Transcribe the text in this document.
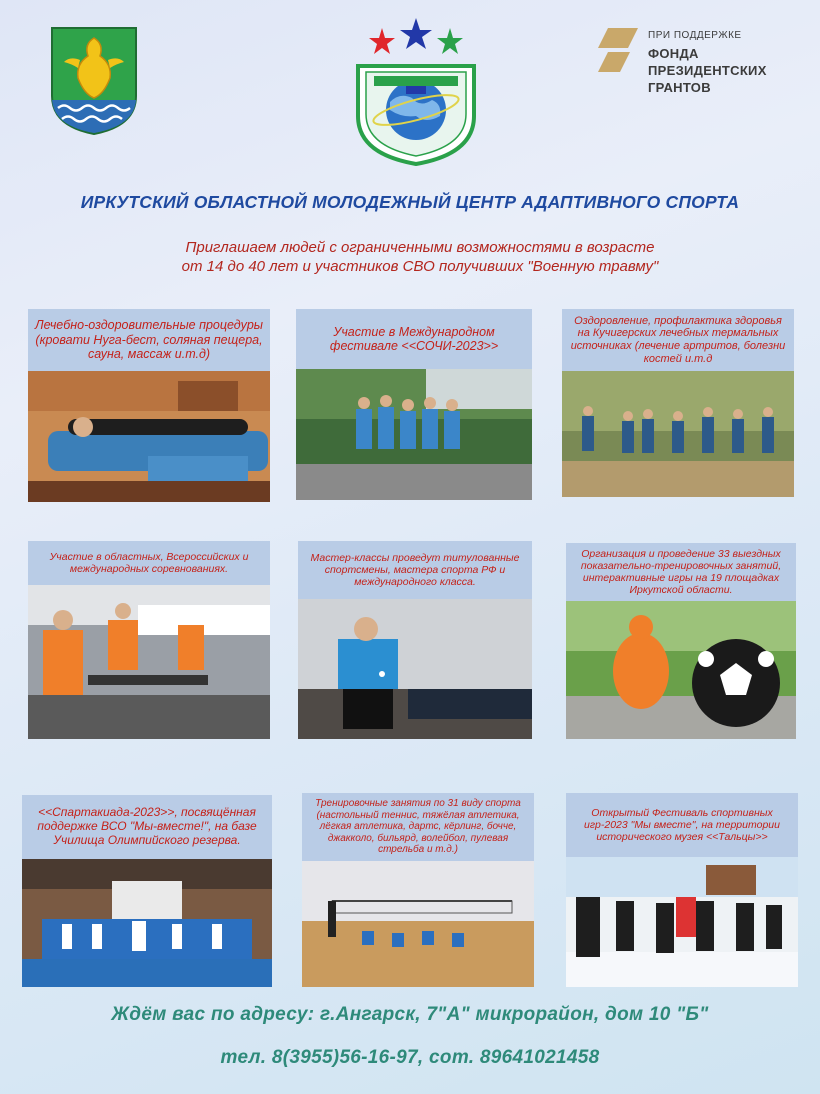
ПРИ ПОДДЕРЖКЕ
ФОНДА
ПРЕЗИДЕНТСКИХ
ГРАНТОВ
ИРКУТСКИЙ ОБЛАСТНОЙ МОЛОДЕЖНЫЙ ЦЕНТР АДАПТИВНОГО СПОРТА
Приглашаем людей с ограниченными возможностями в возрасте
от 14 до 40 лет и участников СВО получивших "Военную травму"
Лечебно-оздоровительные процедуры (кровати Нуга-бест, соляная пещера, сауна, массаж и.т.д)
Участие в Международном фестивале <<СОЧИ-2023>>
Оздоровление, профилактика здоровья на Кучигерских лечебных термальных источниках (лечение артритов, болезни костей и.т.д
Участие в областных, Всероссийских и международных соревнованиях.
Мастер-классы проведут титулованные спортсмены, мастера спорта РФ и международного класса.
Организация и проведение 33 выездных показательно-тренировочных занятий, интерактивные игры на 19 площадках Иркутской области.
<<Спартакиада-2023>>, посвящённая поддержке ВСО "Мы-вместе!", на базе Училища Олимпийского резерва.
Тренировочные занятия по 31 виду спорта (настольный теннис, тяжёлая атлетика, лёгкая атлетика, дартс, кёрлинг, бочче, джакколо, бильярд, волейбол, пулевая стрельба и т.д.)
Открытый Фестиваль спортивных игр-2023 "Мы вместе", на территории исторического музея <<Тальцы>>
Ждём вас по адресу: г.Ангарск, 7"А" микрорайон, дом 10 "Б"
тел. 8(3955)56-16-97, сот. 89641021458
